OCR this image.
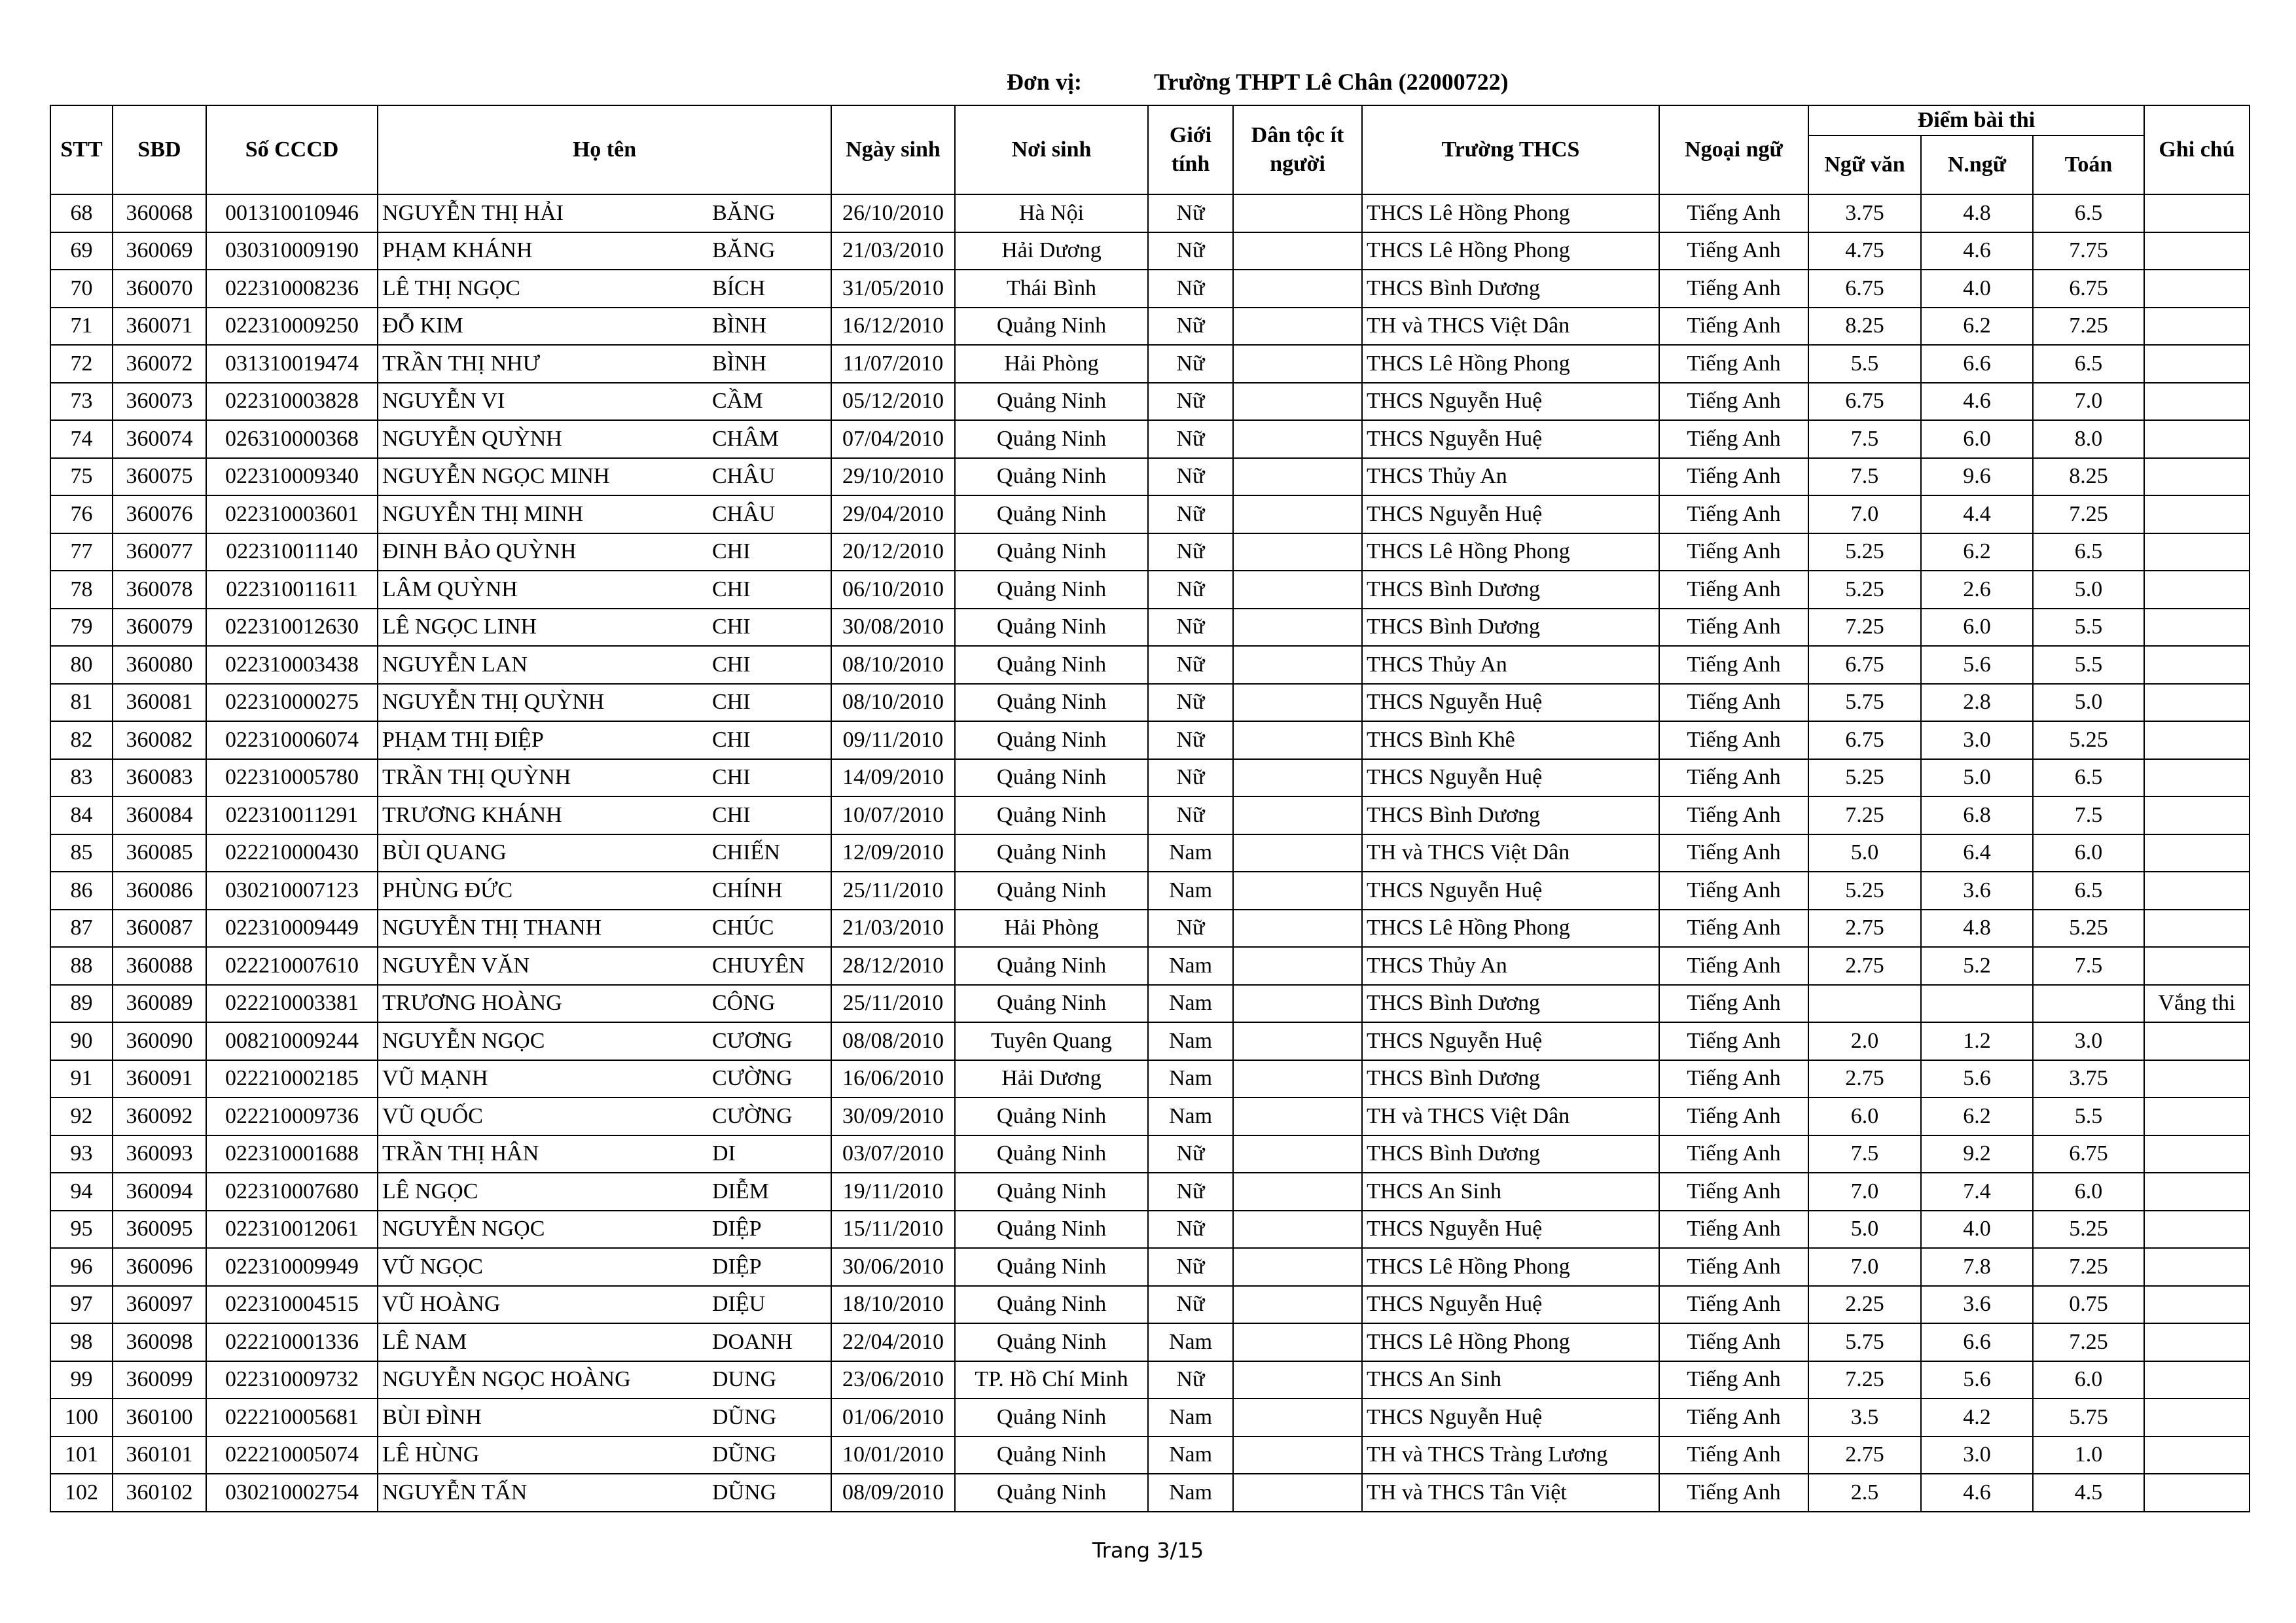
Đơn vị:	Trường THPT Lê Chân (22000722)
STT	SBD	Số CCCD	Họ tên		Ngày sinh	Nơi sinh	Giới
tính	Dân tộc ít
người	Trường THCS	Ngoại ngữ	Điểm bài thi			Ghi chú
											Ngữ văn	N.ngữ	Toán	
68	360068	001310010946	NGUYỄN THỊ HẢI	BĂNG	26/10/2010	Hà Nội	Nữ		THCS Lê Hồng Phong	Tiếng Anh	3.75	4.8	6.5	
69	360069	030310009190	PHẠM KHÁNH	BĂNG	21/03/2010	Hải Dương	Nữ		THCS Lê Hồng Phong	Tiếng Anh	4.75	4.6	7.75	
70	360070	022310008236	LÊ THỊ NGỌC	BÍCH	31/05/2010	Thái Bình	Nữ		THCS Bình Dương	Tiếng Anh	6.75	4.0	6.75	
71	360071	022310009250	ĐỖ KIM	BÌNH	16/12/2010	Quảng Ninh	Nữ		TH và THCS Việt Dân	Tiếng Anh	8.25	6.2	7.25	
72	360072	031310019474	TRẦN THỊ NHƯ	BÌNH	11/07/2010	Hải Phòng	Nữ		THCS Lê Hồng Phong	Tiếng Anh	5.5	6.6	6.5	
73	360073	022310003828	NGUYỄN VI	CẦM	05/12/2010	Quảng Ninh	Nữ		THCS Nguyễn Huệ	Tiếng Anh	6.75	4.6	7.0	
74	360074	026310000368	NGUYỄN QUỲNH	CHÂM	07/04/2010	Quảng Ninh	Nữ		THCS Nguyễn Huệ	Tiếng Anh	7.5	6.0	8.0	
75	360075	022310009340	NGUYỄN NGỌC MINH	CHÂU	29/10/2010	Quảng Ninh	Nữ		THCS Thủy An	Tiếng Anh	7.5	9.6	8.25	
76	360076	022310003601	NGUYỄN THỊ MINH	CHÂU	29/04/2010	Quảng Ninh	Nữ		THCS Nguyễn Huệ	Tiếng Anh	7.0	4.4	7.25	
77	360077	022310011140	ĐINH BẢO QUỲNH	CHI	20/12/2010	Quảng Ninh	Nữ		THCS Lê Hồng Phong	Tiếng Anh	5.25	6.2	6.5	
78	360078	022310011611	LÂM QUỲNH	CHI	06/10/2010	Quảng Ninh	Nữ		THCS Bình Dương	Tiếng Anh	5.25	2.6	5.0	
79	360079	022310012630	LÊ NGỌC LINH	CHI	30/08/2010	Quảng Ninh	Nữ		THCS Bình Dương	Tiếng Anh	7.25	6.0	5.5	
80	360080	022310003438	NGUYỄN LAN	CHI	08/10/2010	Quảng Ninh	Nữ		THCS Thủy An	Tiếng Anh	6.75	5.6	5.5	
81	360081	022310000275	NGUYỄN THỊ QUỲNH	CHI	08/10/2010	Quảng Ninh	Nữ		THCS Nguyễn Huệ	Tiếng Anh	5.75	2.8	5.0	
82	360082	022310006074	PHẠM THỊ ĐIỆP	CHI	09/11/2010	Quảng Ninh	Nữ		THCS Bình Khê	Tiếng Anh	6.75	3.0	5.25	
83	360083	022310005780	TRẦN THỊ QUỲNH	CHI	14/09/2010	Quảng Ninh	Nữ		THCS Nguyễn Huệ	Tiếng Anh	5.25	5.0	6.5	
84	360084	022310011291	TRƯƠNG KHÁNH	CHI	10/07/2010	Quảng Ninh	Nữ		THCS Bình Dương	Tiếng Anh	7.25	6.8	7.5	
85	360085	022210000430	BÙI QUANG	CHIẾN	12/09/2010	Quảng Ninh	Nam		TH và THCS Việt Dân	Tiếng Anh	5.0	6.4	6.0	
86	360086	030210007123	PHÙNG ĐỨC	CHÍNH	25/11/2010	Quảng Ninh	Nam		THCS Nguyễn Huệ	Tiếng Anh	5.25	3.6	6.5	
87	360087	022310009449	NGUYỄN THỊ THANH	CHÚC	21/03/2010	Hải Phòng	Nữ		THCS Lê Hồng Phong	Tiếng Anh	2.75	4.8	5.25	
88	360088	022210007610	NGUYỄN VĂN	CHUYÊN	28/12/2010	Quảng Ninh	Nam		THCS Thủy An	Tiếng Anh	2.75	5.2	7.5	
89	360089	022210003381	TRƯƠNG HOÀNG	CÔNG	25/11/2010	Quảng Ninh	Nam		THCS Bình Dương	Tiếng Anh				Vắng thi
90	360090	008210009244	NGUYỄN NGỌC	CƯƠNG	08/08/2010	Tuyên Quang	Nam		THCS Nguyễn Huệ	Tiếng Anh	2.0	1.2	3.0	
91	360091	022210002185	VŨ MẠNH	CƯỜNG	16/06/2010	Hải Dương	Nam		THCS Bình Dương	Tiếng Anh	2.75	5.6	3.75	
92	360092	022210009736	VŨ QUỐC	CƯỜNG	30/09/2010	Quảng Ninh	Nam		TH và THCS Việt Dân	Tiếng Anh	6.0	6.2	5.5	
93	360093	022310001688	TRẦN THỊ HÂN	DI	03/07/2010	Quảng Ninh	Nữ		THCS Bình Dương	Tiếng Anh	7.5	9.2	6.75	
94	360094	022310007680	LÊ NGỌC	DIỄM	19/11/2010	Quảng Ninh	Nữ		THCS An Sinh	Tiếng Anh	7.0	7.4	6.0	
95	360095	022310012061	NGUYỄN NGỌC	DIỆP	15/11/2010	Quảng Ninh	Nữ		THCS Nguyễn Huệ	Tiếng Anh	5.0	4.0	5.25	
96	360096	022310009949	VŨ NGỌC	DIỆP	30/06/2010	Quảng Ninh	Nữ		THCS Lê Hồng Phong	Tiếng Anh	7.0	7.8	7.25	
97	360097	022310004515	VŨ HOÀNG	DIỆU	18/10/2010	Quảng Ninh	Nữ		THCS Nguyễn Huệ	Tiếng Anh	2.25	3.6	0.75	
98	360098	022210001336	LÊ NAM	DOANH	22/04/2010	Quảng Ninh	Nam		THCS Lê Hồng Phong	Tiếng Anh	5.75	6.6	7.25	
99	360099	022310009732	NGUYỄN NGỌC HOÀNG	DUNG	23/06/2010	TP. Hồ Chí Minh	Nữ		THCS An Sinh	Tiếng Anh	7.25	5.6	6.0	
100	360100	022210005681	BÙI ĐÌNH	DŨNG	01/06/2010	Quảng Ninh	Nam		THCS Nguyễn Huệ	Tiếng Anh	3.5	4.2	5.75	
101	360101	022210005074	LÊ HÙNG	DŨNG	10/01/2010	Quảng Ninh	Nam		TH và THCS Tràng Lương	Tiếng Anh	2.75	3.0	1.0	
102	360102	030210002754	NGUYỄN TẤN	DŨNG	08/09/2010	Quảng Ninh	Nam		TH và THCS Tân Việt	Tiếng Anh	2.5	4.6	4.5	
Trang 3/15
